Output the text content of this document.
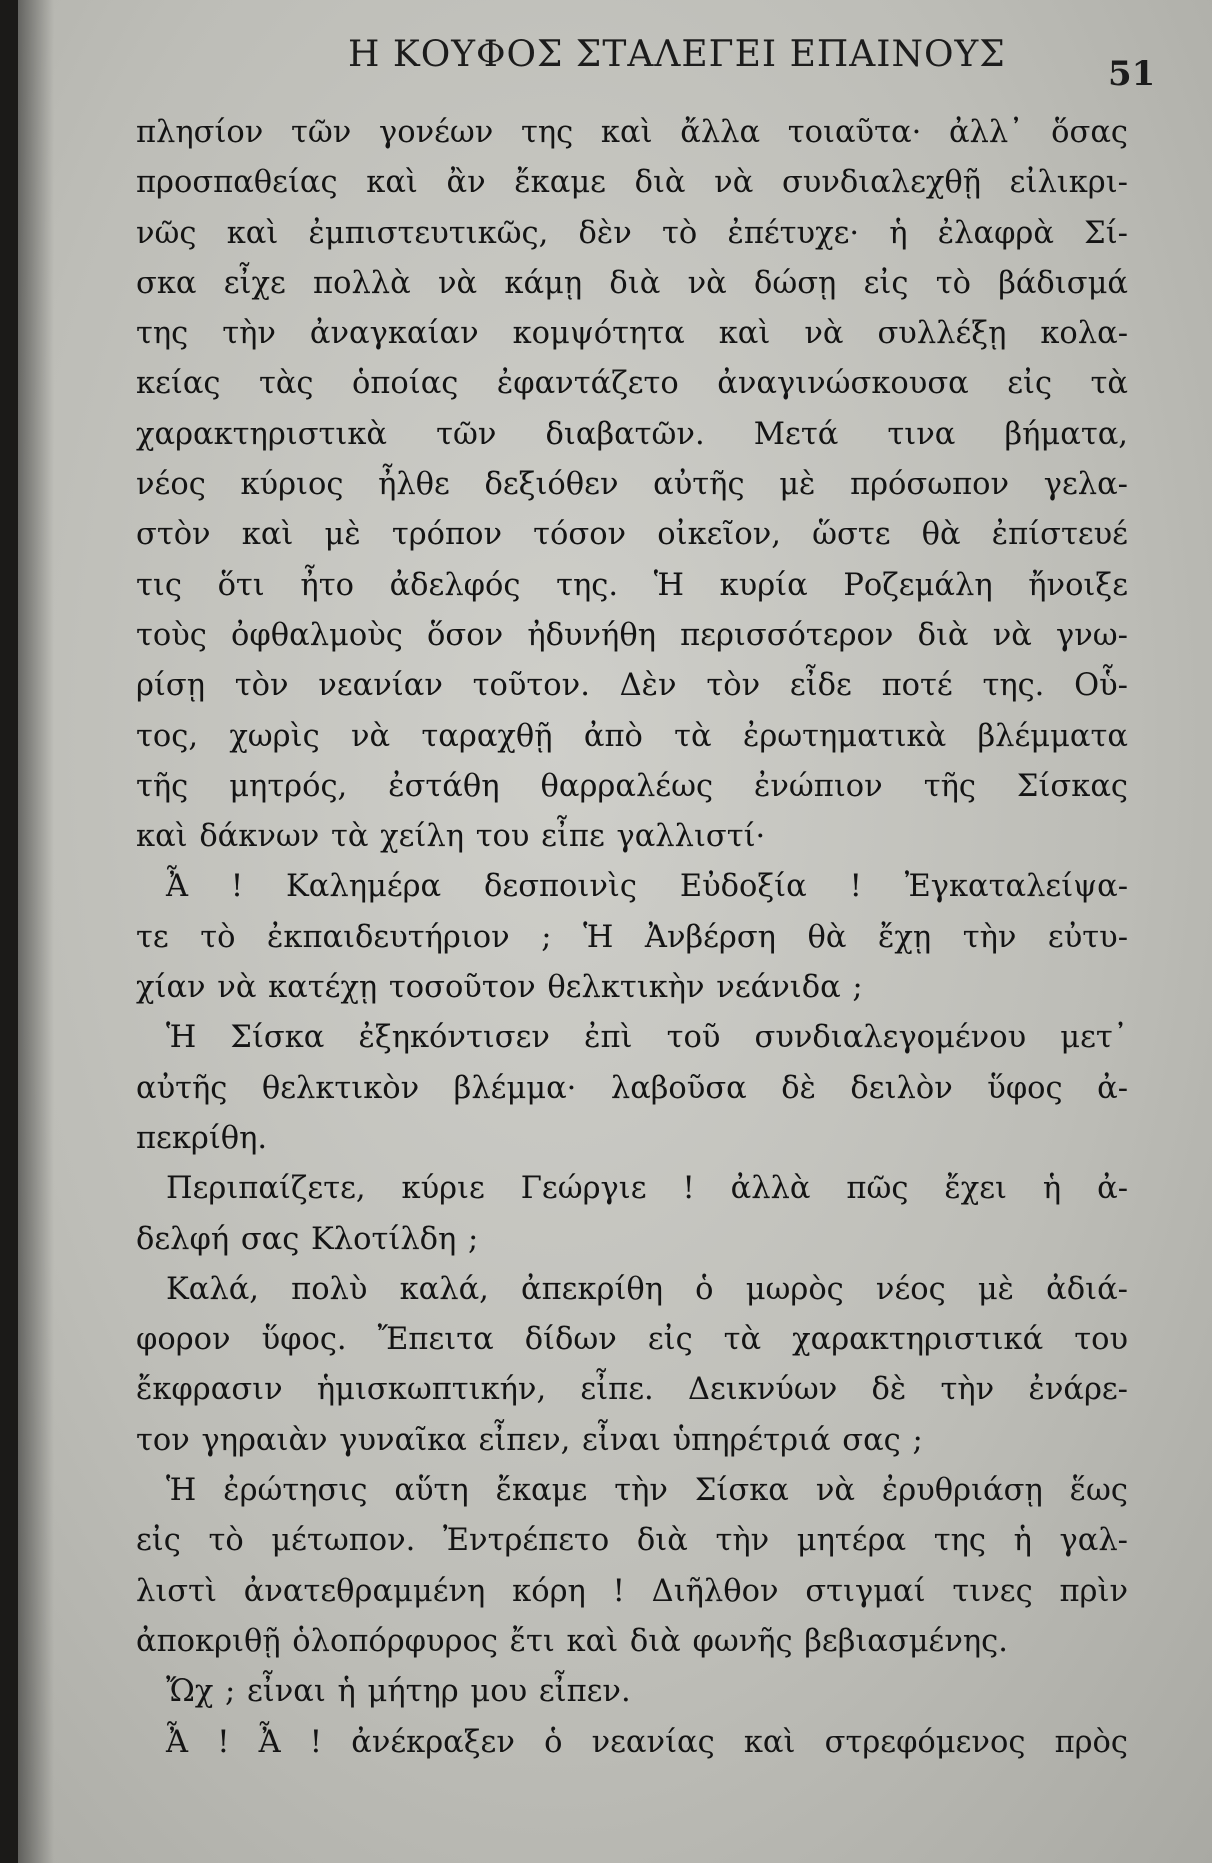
Η ΚΟΥΦΟΣ ΣΤΑΛΕΓΕΙ ΕΠΑΙΝΟΥΣ	51
πλησίον τῶν γονέων της καὶ ἄλλα τοιαῦτα· ἀλλ᾽ ὅσας
προσπαθείας καὶ ἂν ἔκαμε διὰ νὰ συνδιαλεχθῇ εἰλικρι-
νῶς καὶ ἐμπιστευτικῶς, δὲν τὸ ἐπέτυχε· ἡ ἐλαφρὰ Σί-
σκα εἶχε πολλὰ νὰ κάμῃ διὰ νὰ δώσῃ εἰς τὸ βάδισμά
της τὴν ἀναγκαίαν κομψότητα καὶ νὰ συλλέξῃ κολα-
κείας τὰς ὁποίας ἐφαντάζετο ἀναγινώσκουσα εἰς τὰ
χαρακτηριστικὰ τῶν διαβατῶν. Μετά τινα βήματα,
νέος κύριος ἦλθε δεξιόθεν αὐτῆς μὲ πρόσωπον γελα-
στὸν καὶ μὲ τρόπον τόσον οἰκεῖον, ὥστε θὰ ἐπίστευέ
τις ὅτι ἦτο ἀδελφός της. Ἡ κυρία Ροζεμάλη ἤνοιξε
τοὺς ὀφθαλμοὺς ὅσον ἠδυνήθη περισσότερον διὰ νὰ γνω-
ρίσῃ τὸν νεανίαν τοῦτον. Δὲν τὸν εἶδε ποτέ της. Οὗ-
τος, χωρὶς νὰ ταραχθῇ ἀπὸ τὰ ἐρωτηματικὰ βλέμματα
τῆς μητρός, ἐστάθη θαρραλέως ἐνώπιον τῆς Σίσκας
καὶ δάκνων τὰ χείλη του εἶπε γαλλιστί·
Ἆ ! Καλημέρα δεσποινὶς Εὐδοξία ! Ἐγκαταλείψα-
τε τὸ ἐκπαιδευτήριον ; Ἡ Ἀνβέρση θὰ ἔχῃ τὴν εὐτυ-
χίαν νὰ κατέχῃ τοσοῦτον θελκτικὴν νεάνιδα ;
Ἡ Σίσκα ἐξηκόντισεν ἐπὶ τοῦ συνδιαλεγομένου μετ᾽
αὐτῆς θελκτικὸν βλέμμα· λαβοῦσα δὲ δειλὸν ὕφος ἀ-
πεκρίθη.
Περιπαίζετε, κύριε Γεώργιε ! ἀλλὰ πῶς ἔχει ἡ ἀ-
δελφή σας Κλοτίλδη ;
Καλά, πολὺ καλά, ἀπεκρίθη ὁ μωρὸς νέος μὲ ἀδιά-
φορον ὕφος. Ἔπειτα δίδων εἰς τὰ χαρακτηριστικά του
ἔκφρασιν ἡμισκωπτικήν, εἶπε. Δεικνύων δὲ τὴν ἐνάρε-
τον γηραιὰν γυναῖκα εἶπεν, εἶναι ὑπηρέτριά σας ;
Ἡ ἐρώτησις αὕτη ἔκαμε τὴν Σίσκα νὰ ἐρυθριάσῃ ἕως
εἰς τὸ μέτωπον. Ἐντρέπετο διὰ τὴν μητέρα της ἡ γαλ-
λιστὶ ἀνατεθραμμένη κόρη ! Διῆλθον στιγμαί τινες πρὶν
ἀποκριθῇ ὁλοπόρφυρος ἔτι καὶ διὰ φωνῆς βεβιασμένης.
Ὤχ ; εἶναι ἡ μήτηρ μου εἶπεν.
Ἆ ! Ἆ ! ἀνέκραξεν ὁ νεανίας καὶ στρεφόμενος πρὸς
